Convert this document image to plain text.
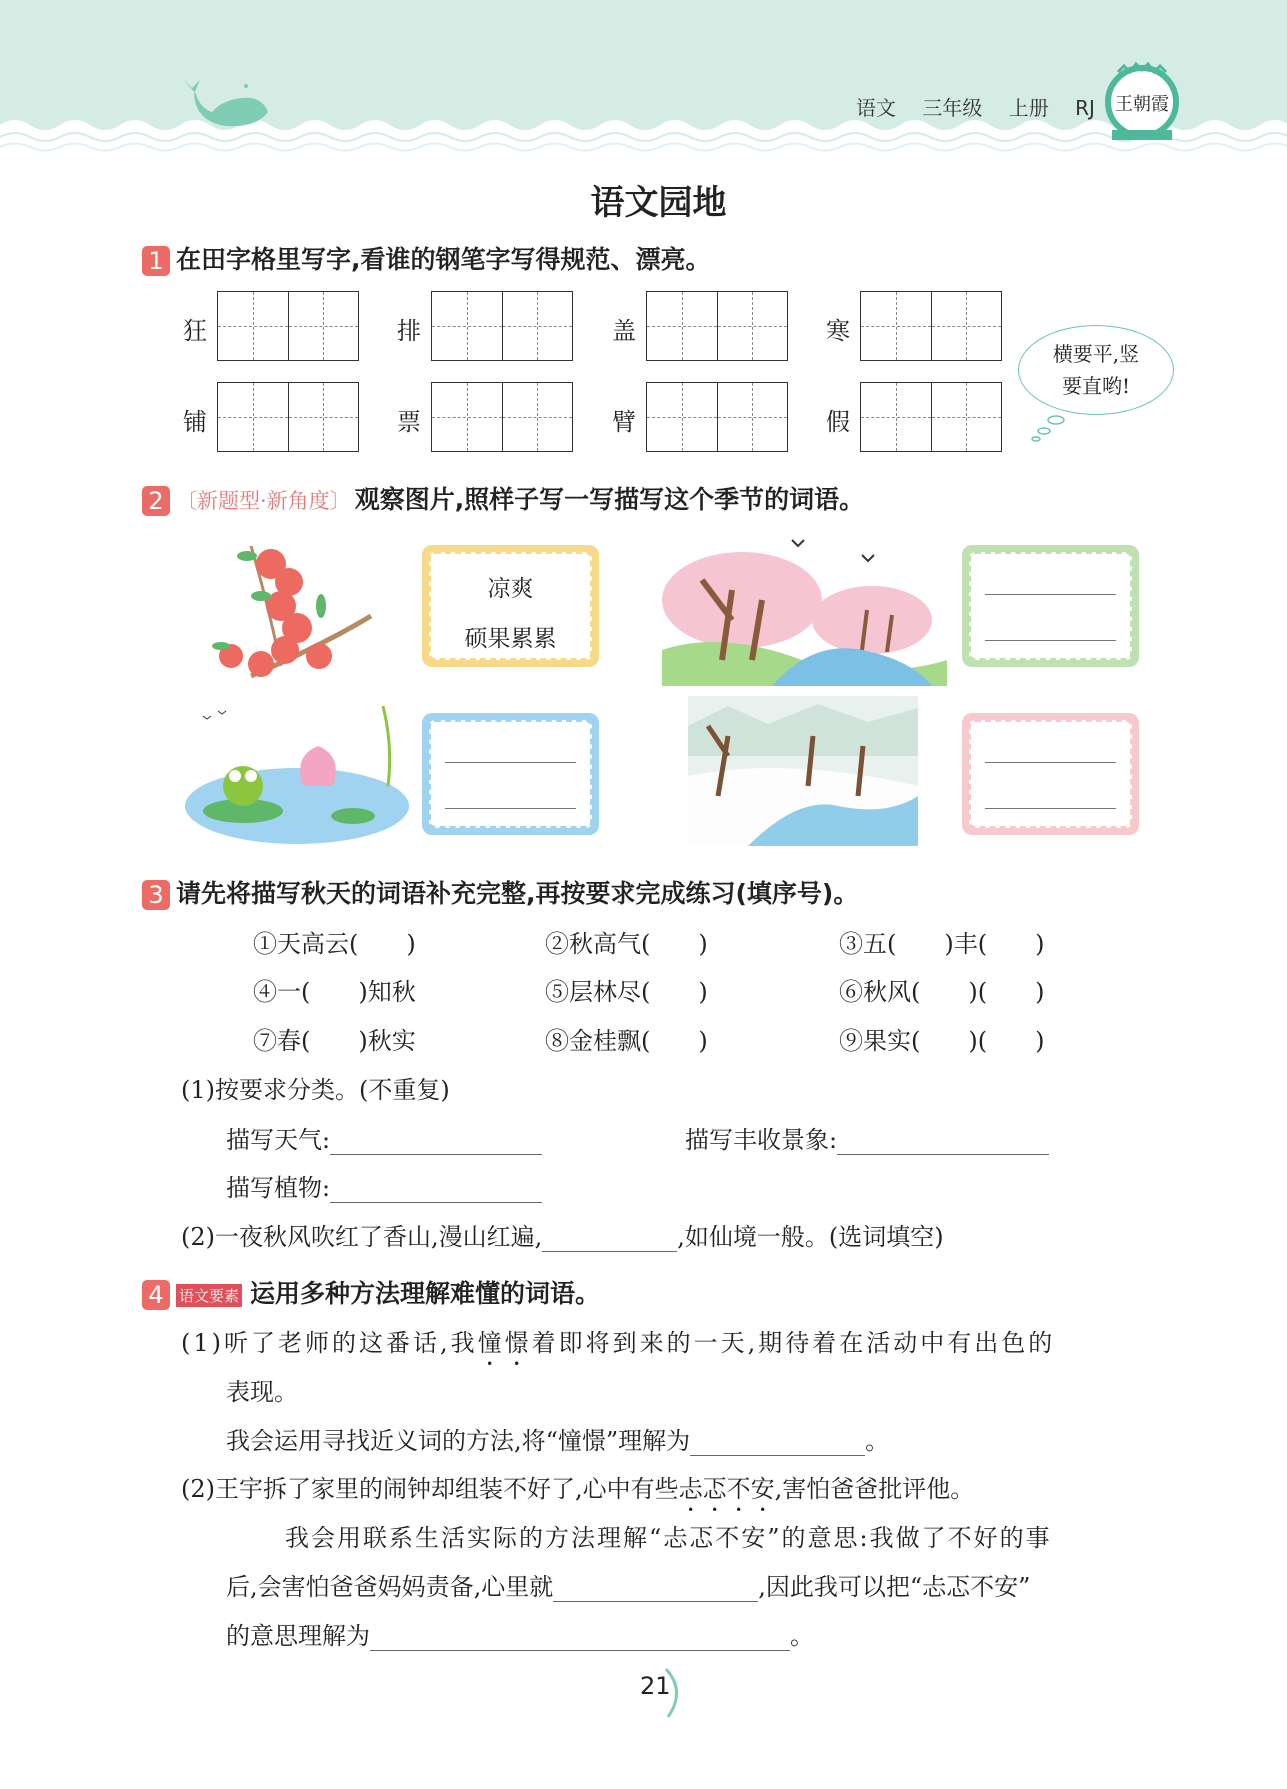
语文 三年级 上册 RJ	王朝霞
语文园地
1 在田字格里写字,看谁的钢笔字写得规范、漂亮。
狂	排	盖	寒
铺	票	臂	假
横要平,竖
要直哟!
2 〔新题型·新角度〕 观察图片,照样子写一写描写这个季节的词语。
凉爽
硕果累累
3 请先将描写秋天的词语补充完整,再按要求完成练习(填序号)。
①天高云(　　)	②秋高气(　　)	③五(　　)丰(　　)
④一(　　)知秋	⑤层林尽(　　)	⑥秋风(　　)(　　)
⑦春(　　)秋实	⑧金桂飘(　　)	⑨果实(　　)(　　)
(1)按要求分类。(不重复)
描写天气:	描写丰收景象:
描写植物:
(2)一夜秋风吹红了香山,漫山红遍,	,如仙境一般。(选词填空)
4 语文要素 运用多种方法理解难懂的词语。
(1)听了老师的这番话,我憧憬着即将到来的一天,期待着在活动中有出色的
表现。
我会运用寻找近义词的方法,将“憧憬”理解为	。
(2)王宇拆了家里的闹钟却组装不好了,心中有些忐忑不安,害怕爸爸批评他。
我会用联系生活实际的方法理解“忐忑不安”的意思:我做了不好的事
后,会害怕爸爸妈妈责备,心里就	,因此我可以把“忐忑不安”
的意思理解为	。
21
